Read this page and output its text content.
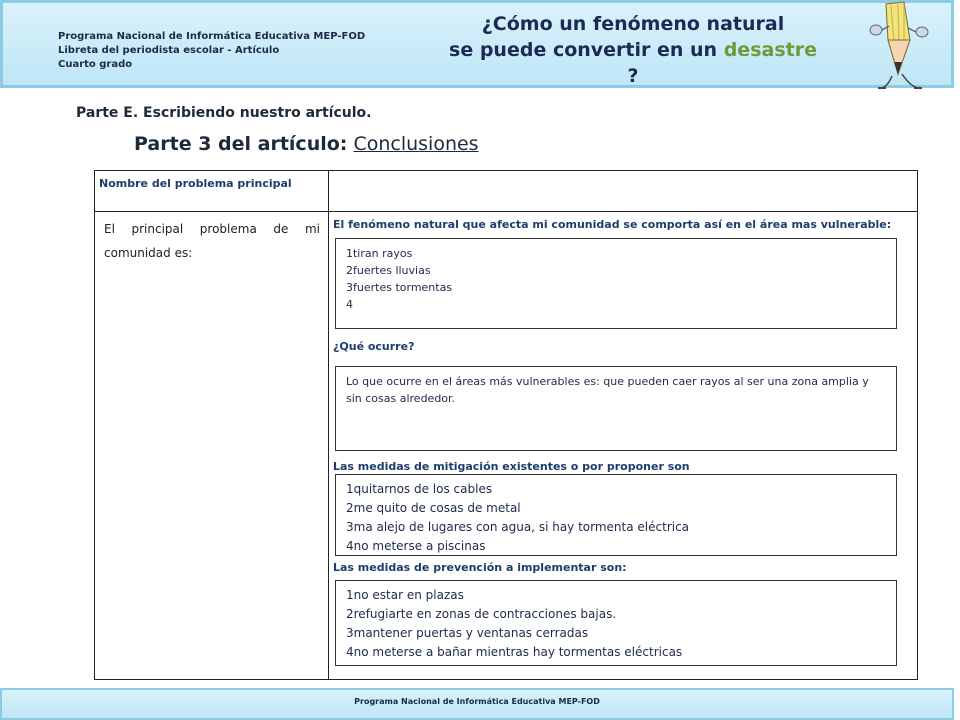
Programa Nacional de Informática Educativa MEP-FOD
Libreta del periodista escolar - Artículo
Cuarto grado
¿Cómo un fenómeno natural
se puede convertir en un desastre ?
Parte E. Escribiendo nuestro artículo.
Parte 3 del artículo: Conclusiones
Nombre del problema principal
El principal problema de mi comunidad es:
El fenómeno natural que afecta mi comunidad se comporta así en el área mas vulnerable:
1tiran rayos
2fuertes lluvias
3fuertes tormentas
4
¿Qué ocurre?
Lo que ocurre en el áreas más vulnerables es: que pueden caer rayos al ser una zona amplia y sin cosas alrededor.
Las medidas de mitigación existentes o por proponer son
1quitarnos de los cables
2me quito de cosas de metal
3ma alejo de lugares con agua, si hay tormenta eléctrica
4no meterse a piscinas
Las medidas de prevención a implementar son:
1no estar en plazas
2refugiarte en zonas de contracciones bajas.
3mantener puertas y ventanas cerradas
4no meterse a bañar mientras hay tormentas eléctricas
Programa Nacional de Informática Educativa MEP-FOD
